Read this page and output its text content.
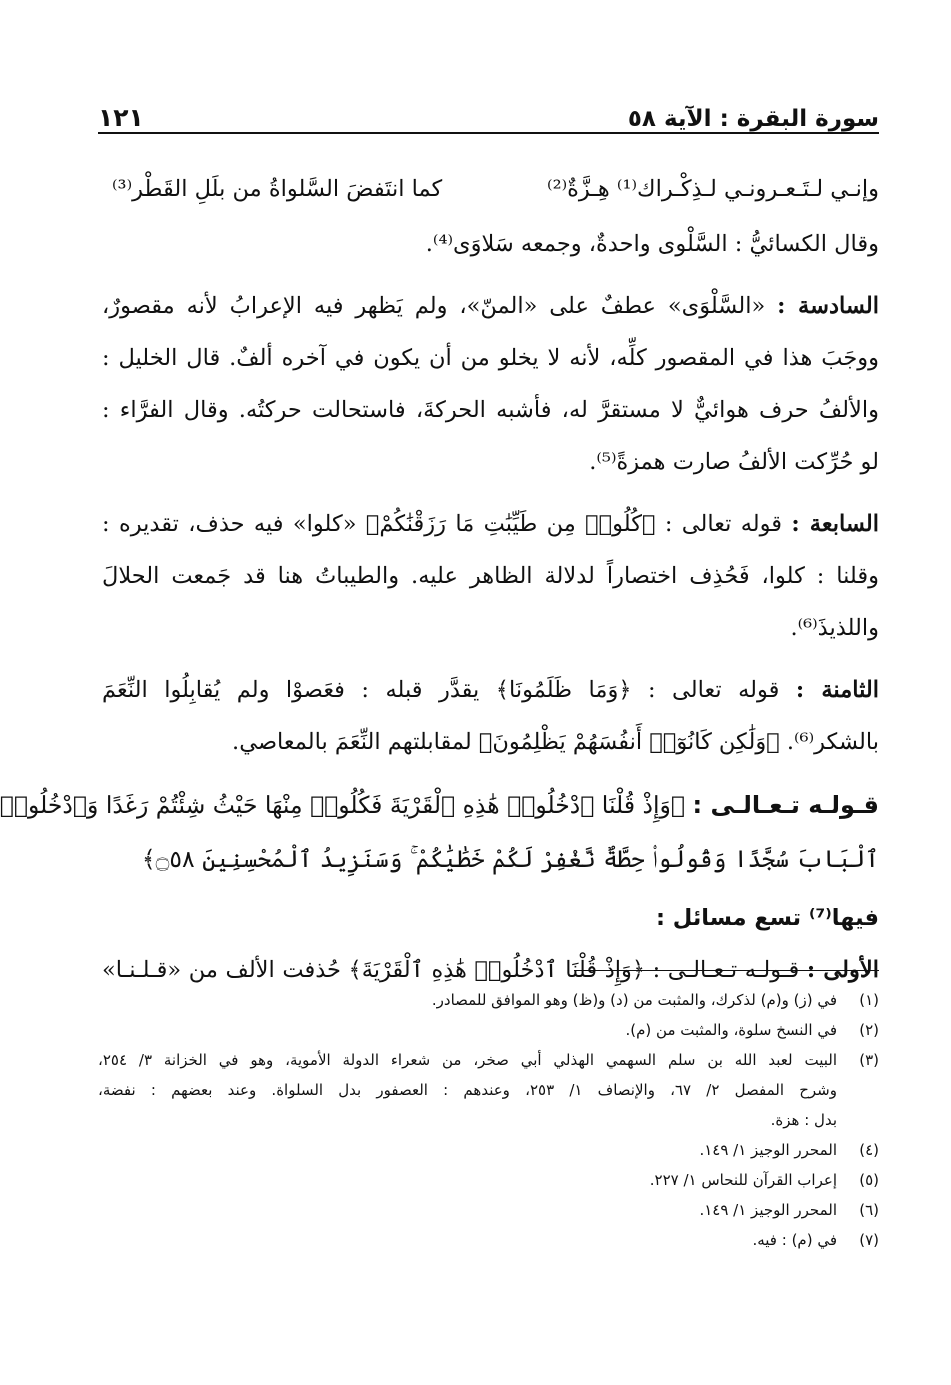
سورة البقرة : الآية ٥٨
١٢١
وإنـي لـتَـعـرونـي لـذِكْـراك⁽¹⁾ هِـزَّةٌ⁽²⁾
كما انتَفضَ السَّلواةُ من بلَلِ القَطْر⁽³⁾
وقال الكسائيُّ : السَّلْوى واحدةٌ، وجمعه سَلاوَى⁽⁴⁾.
السادسة : «السَّلْوَى» عطفٌ على «المنّ»، ولم يَظهر فيه الإعرابُ لأنه مقصورٌ،
ووجَبَ هذا في المقصور كلِّه، لأنه لا يخلو من أن يكون في آخره ألفٌ. قال الخليل :
والألفُ حرف هوائيٌّ لا مستقرَّ له، فأشبه الحركةَ، فاستحالت حركتُه. وقال الفرَّاء :
لو حُرِّكت الألفُ صارت همزةً⁽⁵⁾.
السابعة : قوله تعالى : ﴿كُلُوا۟ مِن طَيِّبَٰتِ مَا رَزَقْنَٰكُمْ﴾ «كلوا» فيه حذف، تقديره :
وقلنا : كلوا، فَحُذِف اختصاراً لدلالة الظاهر عليه. والطيباتُ هنا قد جَمعت الحلالَ
واللذيذَ⁽⁶⁾.
الثامنة : قوله تعالى : ﴿وَمَا ظَلَمُونَا﴾ يقدَّر قبله : فعَصوْا ولم يُقابِلُوا النِّعَمَ
بالشكر⁽⁶⁾. ﴿وَلَٰكِن كَانُوٓا۟ أَنفُسَهُمْ يَظْلِمُونَ﴾ لمقابلتهم النِّعَمَ بالمعاصي.
قـولـه تـعـالـى : ﴿وَإِذْ قُلْنَا ٱدْخُلُوا۟ هَٰذِهِ ٱلْقَرْيَةَ فَكُلُوا۟ مِنْهَا حَيْثُ شِئْتُمْ رَغَدًا وَٱدْخُلُوا۟
ٱلْبَابَ سُجَّدًا وَقُولُوا۟ حِطَّةٌ نَّغْفِرْ لَكُمْ خَطَٰيَٰكُمْ ۚ وَسَنَزِيدُ ٱلْمُحْسِنِينَ ۝٥٨﴾
فيها⁽⁷⁾ تسع مسائل :
الأولى : قـولـه تـعـالـى : ﴿وَإِذْ قُلْنَا ٱدْخُلُوا۟ هَٰذِهِ ٱلْقَرْيَةَ﴾ حُذفت الألف من «قـلـنـا»
(١)
في (ز) و(م) لذكرك، والمثبت من (د) و(ظ) وهو الموافق للمصادر.
(٢)
في النسخ سلوة، والمثبت من (م).
(٣)
البيت لعبد الله بن سلم السهمي الهذلي أبي صخر، من شعراء الدولة الأموية، وهو في الخزانة ٣/ ٢٥٤،
وشرح المفصل ٢/ ٦٧، والإنصاف ١/ ٢٥٣، وعندهم : العصفور بدل السلواة. وعند بعضهم : نفضة،
بدل : هزة.
(٤)
المحرر الوجيز ١/ ١٤٩.
(٥)
إعراب القرآن للنحاس ١/ ٢٢٧.
(٦)
المحرر الوجيز ١/ ١٤٩.
(٧)
في (م) : فيه.
